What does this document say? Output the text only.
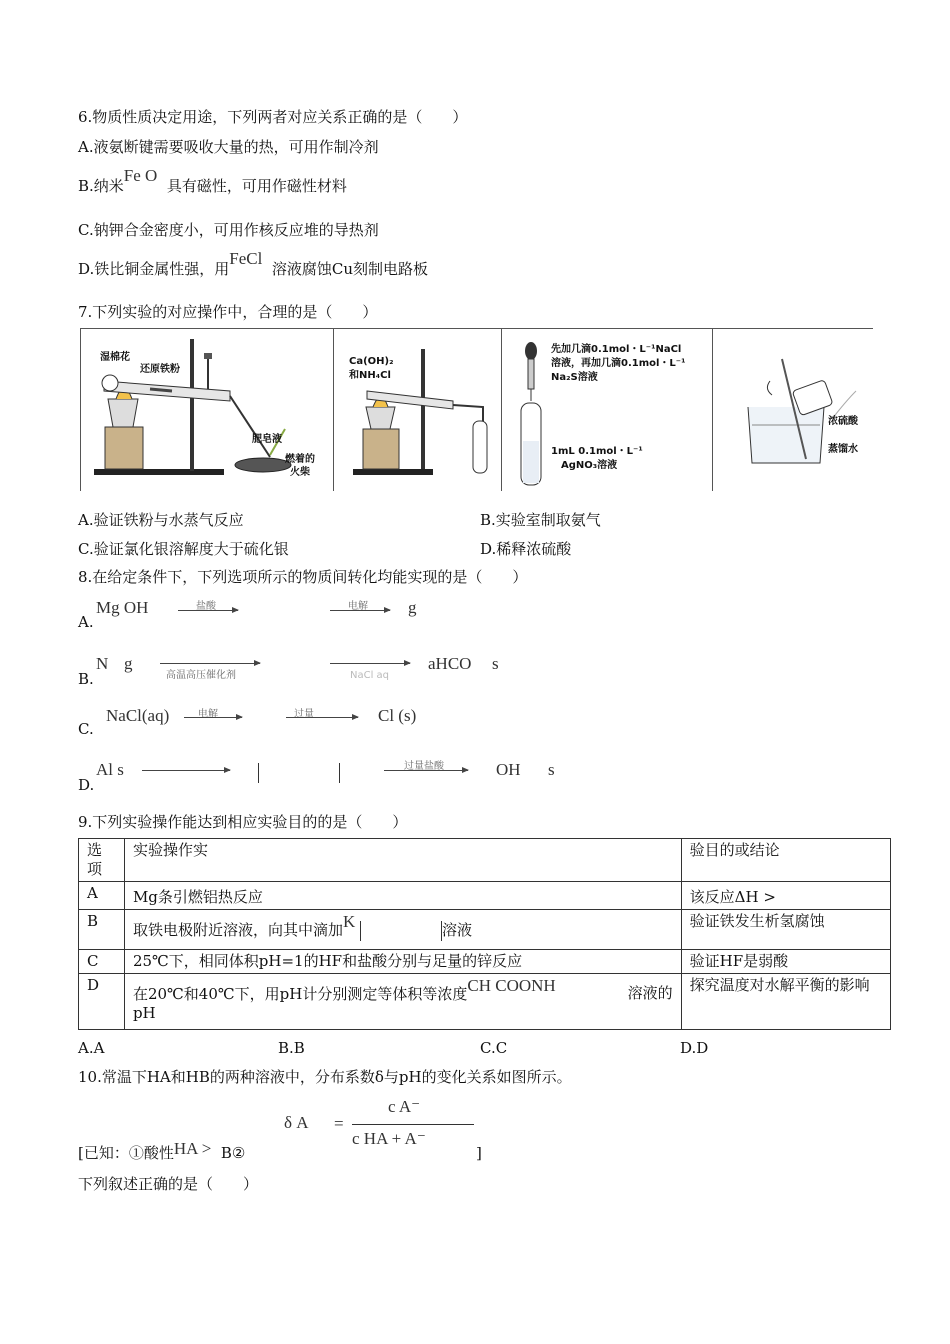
6.物质性质决定用途，下列两者对应关系正确的是（　　）
A.液氨断键需要吸收大量的热，可用作制冷剂
B.纳米Fe O  具有磁性，可用作磁性材料
C.钠钾合金密度小，可用作核反应堆的导热剂
D.铁比铜金属性强，用FeCl  溶液腐蚀Cu刻制电路板
7.下列实验的对应操作中，合理的是（　　）
湿棉花
还原铁粉
肥皂液
燃着的
火柴
Ca(OH)₂
和NH₄Cl
先加几滴0.1mol・L⁻¹NaCl
溶液，再加几滴0.1mol・L⁻¹
Na₂S溶液
1mL 0.1mol・L⁻¹
AgNO₃溶液
浓硫酸
蒸馏水
A.验证铁粉与水蒸气反应	B.实验室制取氨气
C.验证氯化银溶解度大于硫化银	D.稀释浓硫酸
8.在给定条件下，下列选项所示的物质间转化均能实现的是（　　）
A.
Mg OH	盐酸	电解 g
B.
N g
高温高压催化剂	NaCl aq
aHCO s
C.
NaCl(aq)	电解	过量	Cl (s)
D.
Al s	过量盐酸	OH s
9.下列实验操作能达到相应实验目的的是（　　）
选项	实验操作实	验目的或结论
A	Mg条引燃铝热反应	该反应ΔH >
B	取铁电极附近溶液，向其中滴加K 溶液	验证铁发生析氢腐蚀
C	25℃下，相同体积pH=1的HF和盐酸分别与足量的锌反应	验证HF是弱酸
D	在20℃和40℃下，用pH计分别测定等体积等浓度CH COONH 溶液的
pH	探究温度对水解平衡的影响
A.A	B.B	C.C	D.D
10.常温下HA和HB的两种溶液中，分布系数δ与pH的变化关系如图所示。
δ A =
c A⁻
c HA + A⁻
[已知：①酸性HA > B②	]
下列叙述正确的是（　　）
